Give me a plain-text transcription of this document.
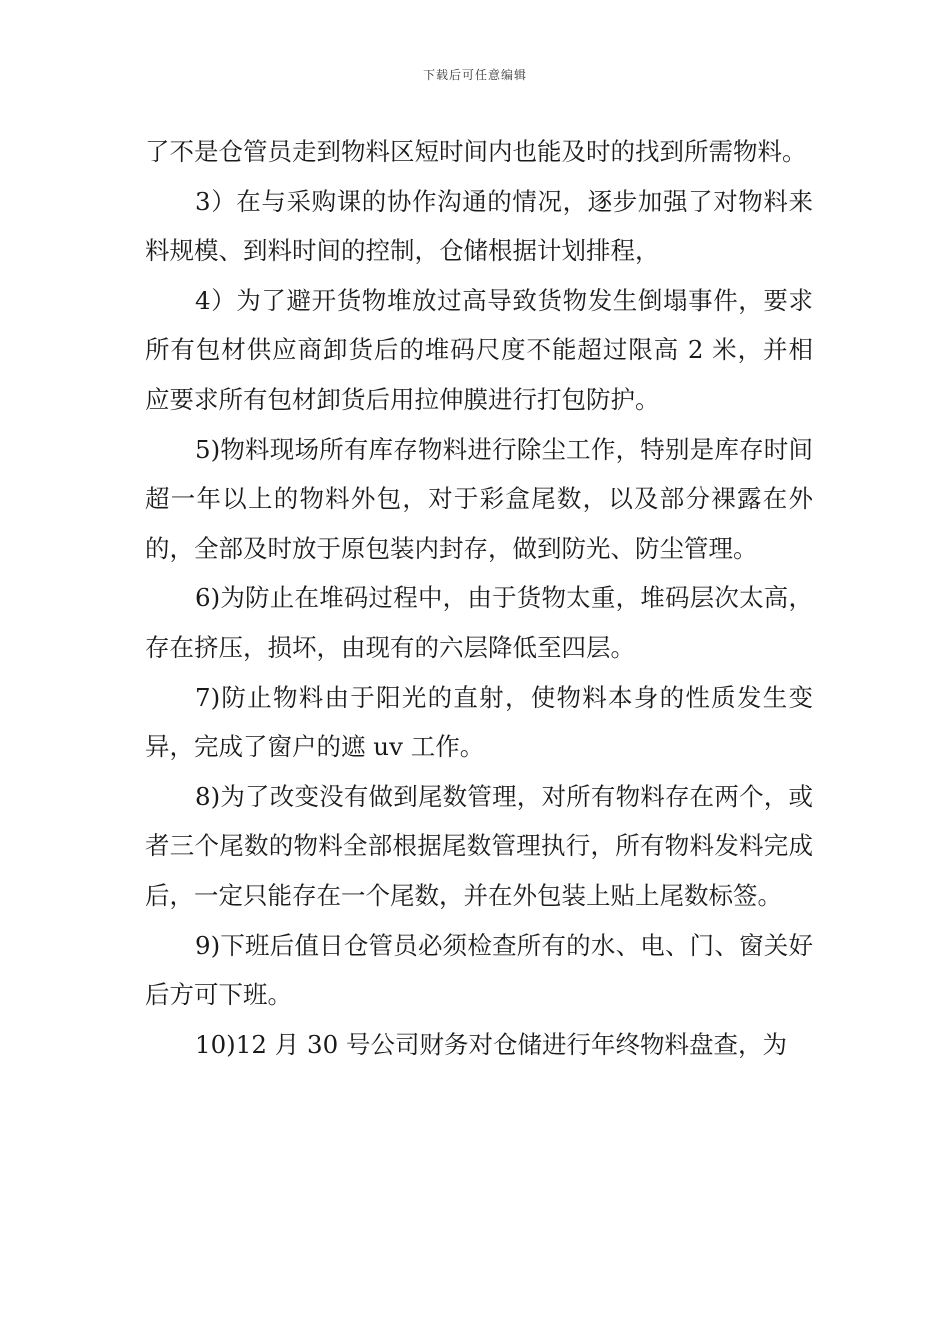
下载后可任意编辑

了不是仓管员走到物料区短时间内也能及时的找到所需物料。

3）在与采购课的协作沟通的情况，逐步加强了对物料来料规模、到料时间的控制，仓储根据计划排程，

4）为了避开货物堆放过高导致货物发生倒塌事件，要求所有包材供应商卸货后的堆码尺度不能超过限高 2 米，并相应要求所有包材卸货后用拉伸膜进行打包防护。

5)物料现场所有库存物料进行除尘工作，特别是库存时间超一年以上的物料外包，对于彩盒尾数，以及部分裸露在外的，全部及时放于原包装内封存，做到防光、防尘管理。

6)为防止在堆码过程中，由于货物太重，堆码层次太高，存在挤压，损坏，由现有的六层降低至四层。

7)防止物料由于阳光的直射，使物料本身的性质发生变异，完成了窗户的遮 uv 工作。

8)为了改变没有做到尾数管理，对所有物料存在两个，或者三个尾数的物料全部根据尾数管理执行，所有物料发料完成后，一定只能存在一个尾数，并在外包装上贴上尾数标签。

9)下班后值日仓管员必须检查所有的水、电、门、窗关好后方可下班。

10)12 月 30 号公司财务对仓储进行年终物料盘查，为
